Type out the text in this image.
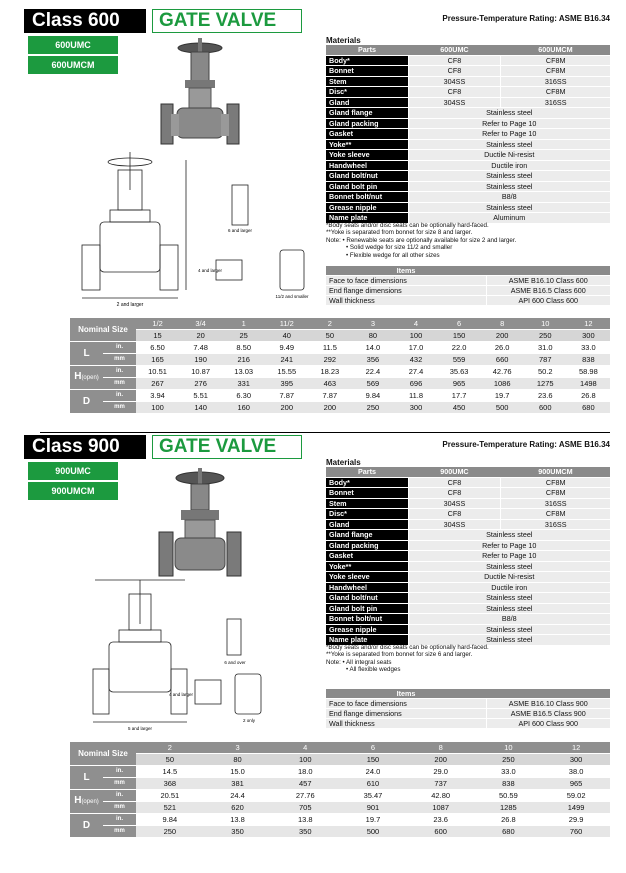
Class 600	GATE VALVE	Pressure-Temperature Rating: ASME B16.34
600UMC
600UMCM
2 and larger
6 and larger
4 and larger
11/2 and smaller
Materials
Parts	600UMC	600UMCM
Body*	CF8	CF8M
Bonnet	CF8	CF8M
Stem	304SS	316SS
Disc*	CF8	CF8M
Gland	304SS	316SS
Gland flange	Stainless steel	
Gland packing	Refer to Page 10	
Gasket	Refer to Page 10	
Yoke**	Stainless steel	
Yoke sleeve	Ductile Ni-resist	
Handwheel	Ductile iron	
Gland bolt/nut	Stainless steel	
Gland bolt pin	Stainless steel	
Bonnet bolt/nut	B8/8	
Grease nipple	Stainless steel	
Name plate	Aluminum	
*Body seats and/or disc seats can be optionally hard-faced.
**Yoke is separated from bonnet for size 8 and larger.
Note: • Renewable seats are optionally available for size 2 and larger.
• Solid wedge for size 11/2 and smaller
• Flexible wedge for all other sizes
Items	
Face to face dimensions	ASME B16.10 Class 600
End flange dimensions	ASME B16.5 Class 600
Wall thickness	API 600 Class 600
Nominal Size		1/2	3/4	1	11/2	2	3	4	6	8	10	12
		15	20	25	40	50	80	100	150	200	250	300
L	in.	6.50	7.48	8.50	9.49	11.5	14.0	17.0	22.0	26.0	31.0	33.0
	mm	165	190	216	241	292	356	432	559	660	787	838
H(open)	in.	10.51	10.87	13.03	15.55	18.23	22.4	27.4	35.63	42.76	50.2	58.98
	mm	267	276	331	395	463	569	696	965	1086	1275	1498
D	in.	3.94	5.51	6.30	7.87	7.87	9.84	11.8	17.7	19.7	23.6	26.8
	mm	100	140	160	200	200	250	300	450	500	600	680
Class 900	GATE VALVE	Pressure-Temperature Rating: ASME B16.34
900UMC
900UMCM
5 and larger
6 and over
4 and larger
2 only
Materials
Parts	900UMC	900UMCM
Body*	CF8	CF8M
Bonnet	CF8	CF8M
Stem	304SS	316SS
Disc*	CF8	CF8M
Gland	304SS	316SS
Gland flange	Stainless steel	
Gland packing	Refer to Page 10	
Gasket	Refer to Page 10	
Yoke**	Stainless steel	
Yoke sleeve	Ductile Ni-resist	
Handwheel	Ductile iron	
Gland bolt/nut	Stainless steel	
Gland bolt pin	Stainless steel	
Bonnet bolt/nut	B8/8	
Grease nipple	Stainless steel	
Name plate	Stainless steel	
*Body seats and/or disc seats can be optionally hard-faced.
**Yoke is separated from bonnet for size 6 and larger.
Note: • All integral seats
• All flexible wedges
Items	
Face to face dimensions	ASME B16.10 Class 900
End flange dimensions	ASME B16.5 Class 900
Wall thickness	API 600 Class 900
Nominal Size		2	3	4	6	8	10	12
		50	80	100	150	200	250	300
L	in.	14.5	15.0	18.0	24.0	29.0	33.0	38.0
	mm	368	381	457	610	737	838	965
H(open)	in.	20.51	24.4	27.76	35.47	42.80	50.59	59.02
	mm	521	620	705	901	1087	1285	1499
D	in.	9.84	13.8	13.8	19.7	23.6	26.8	29.9
	mm	250	350	350	500	600	680	760
